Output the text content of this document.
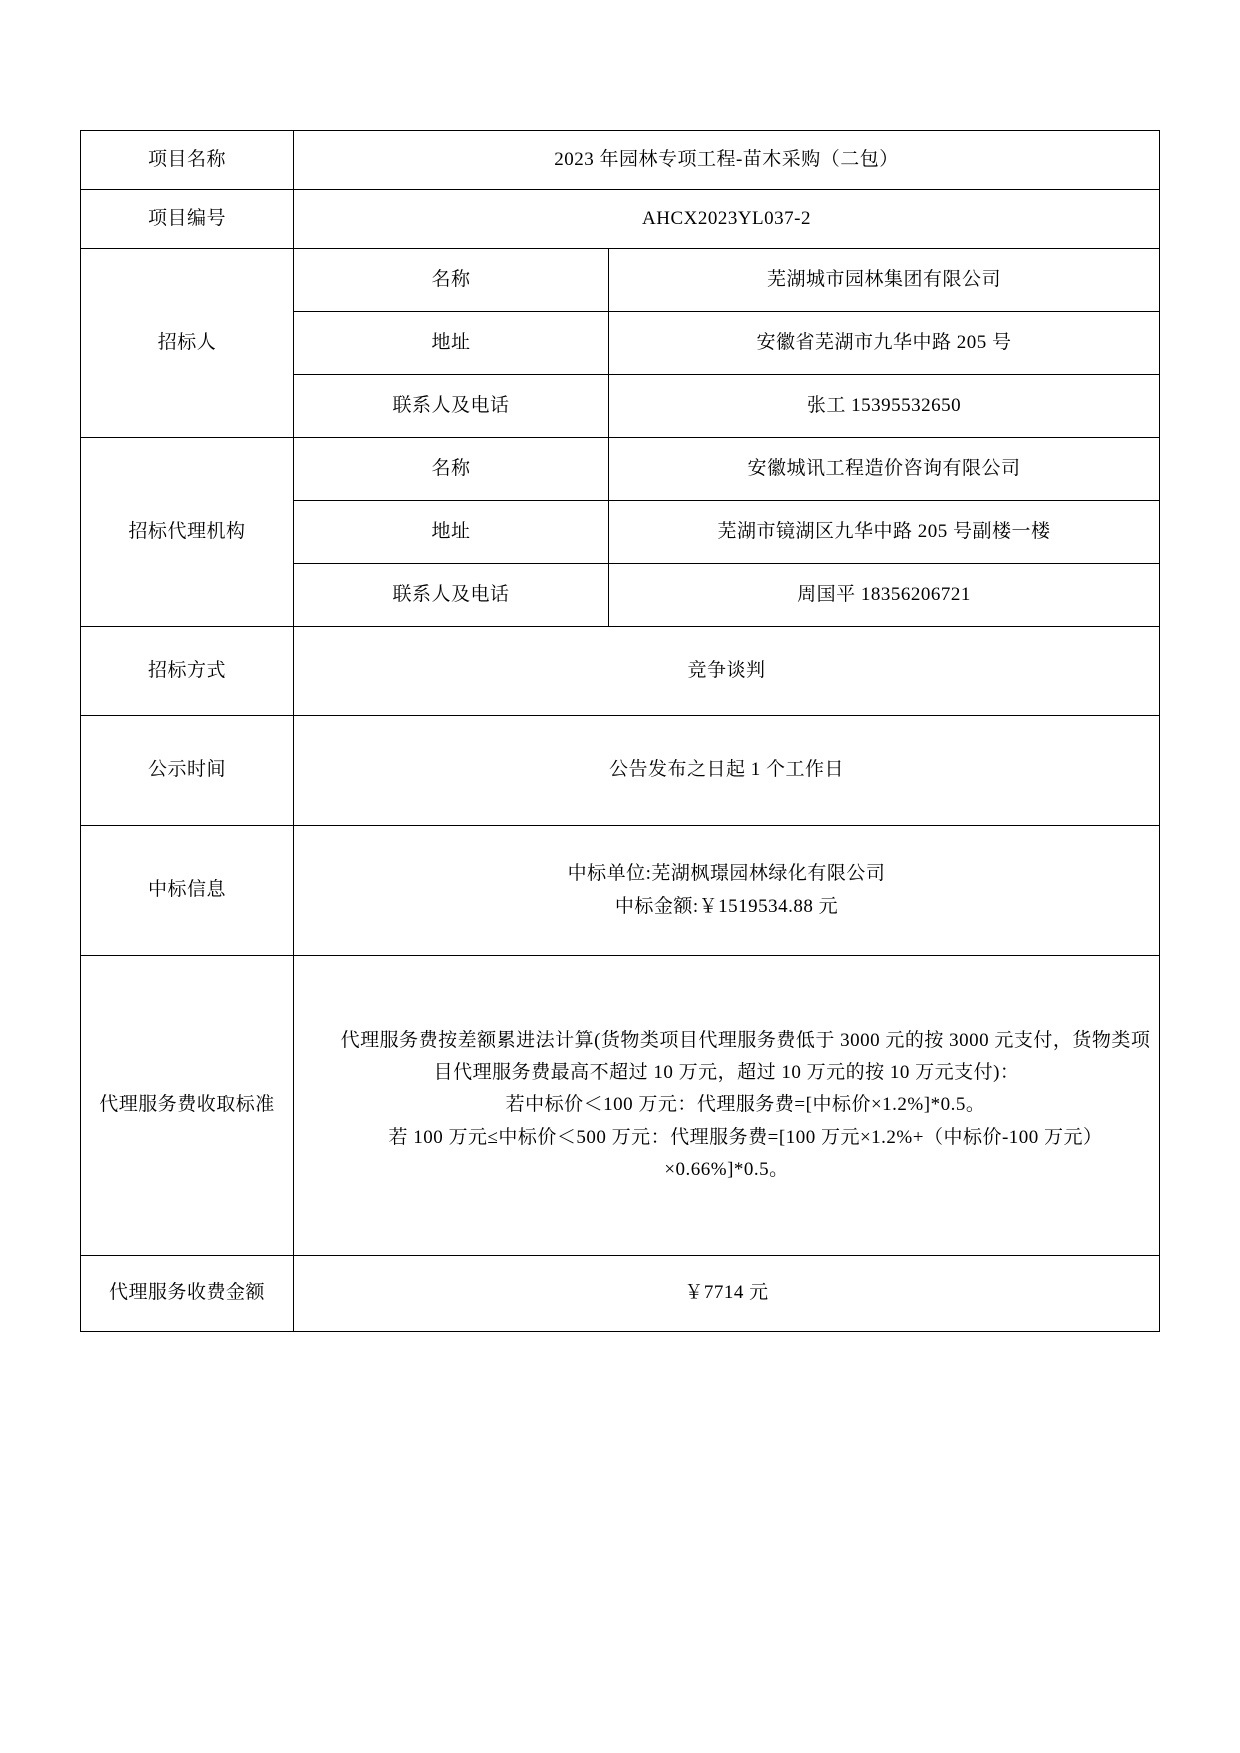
项目名称	2023 年园林专项工程-苗木采购（二包）	
项目编号	AHCX2023YL037-2	
招标人	名称	芜湖城市园林集团有限公司
	地址	安徽省芜湖市九华中路 205 号
	联系人及电话	张工 15395532650
招标代理机构	名称	安徽城讯工程造价咨询有限公司
	地址	芜湖市镜湖区九华中路 205 号副楼一楼
	联系人及电话	周国平 18356206721
招标方式	竞争谈判	
公示时间	公告发布之日起 1 个工作日	
中标信息	中标单位:芜湖枫璟园林绿化有限公司
中标金额:￥1519534.88 元	

代理服务费收取标准	代理服务费按差额累进法计算(货物类项目代理服务费低于 3000 元的按 3000 元支付，货物类项目代理服务费最高不超过 10 万元，超过 10 万元的按 10 万元支付)：

若中标价＜100 万元：代理服务费=[中标价×1.2%]*0.5。

若 100 万元≤中标价＜500 万元：代理服务费=[100 万元×1.2%+（中标价-100 万元）×0.66%]*0.5。	

代理服务收费金额	￥7714 元	
